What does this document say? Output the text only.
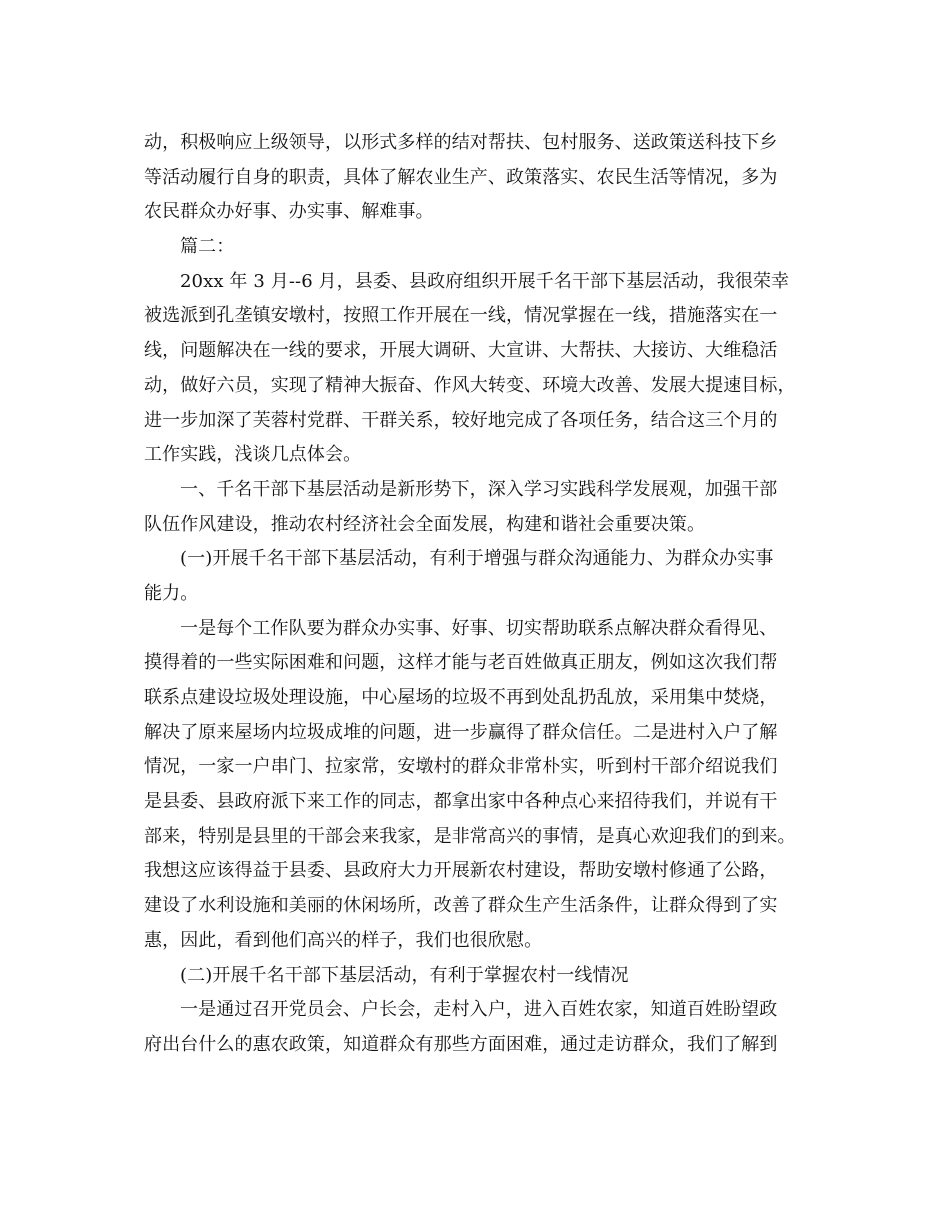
动，积极响应上级领导，以形式多样的结对帮扶、包村服务、送政策送科技下乡
等活动履行自身的职责，具体了解农业生产、政策落实、农民生活等情况，多为
农民群众办好事、办实事、解难事。
篇二：
20xx 年 3 月--6 月，县委、县政府组织开展千名干部下基层活动，我很荣幸
被选派到孔垄镇安墩村，按照工作开展在一线，情况掌握在一线，措施落实在一
线，问题解决在一线的要求，开展大调研、大宣讲、大帮扶、大接访、大维稳活
动，做好六员，实现了精神大振奋、作风大转变、环境大改善、发展大提速目标，
进一步加深了芙蓉村党群、干群关系，较好地完成了各项任务，结合这三个月的
工作实践，浅谈几点体会。
一、千名干部下基层活动是新形势下，深入学习实践科学发展观，加强干部
队伍作风建设，推动农村经济社会全面发展，构建和谐社会重要决策。
(一)开展千名干部下基层活动，有利于增强与群众沟通能力、为群众办实事
能力。
一是每个工作队要为群众办实事、好事、切实帮助联系点解决群众看得见、
摸得着的一些实际困难和问题，这样才能与老百姓做真正朋友，例如这次我们帮
联系点建设垃圾处理设施，中心屋场的垃圾不再到处乱扔乱放，采用集中焚烧，
解决了原来屋场内垃圾成堆的问题，进一步赢得了群众信任。二是进村入户了解
情况，一家一户串门、拉家常，安墩村的群众非常朴实，听到村干部介绍说我们
是县委、县政府派下来工作的同志，都拿出家中各种点心来招待我们，并说有干
部来，特别是县里的干部会来我家，是非常高兴的事情，是真心欢迎我们的到来。
我想这应该得益于县委、县政府大力开展新农村建设，帮助安墩村修通了公路，
建设了水利设施和美丽的休闲场所，改善了群众生产生活条件，让群众得到了实
惠，因此，看到他们高兴的样子，我们也很欣慰。
(二)开展千名干部下基层活动，有利于掌握农村一线情况
一是通过召开党员会、户长会，走村入户，进入百姓农家，知道百姓盼望政
府出台什么的惠农政策，知道群众有那些方面困难，通过走访群众，我们了解到
